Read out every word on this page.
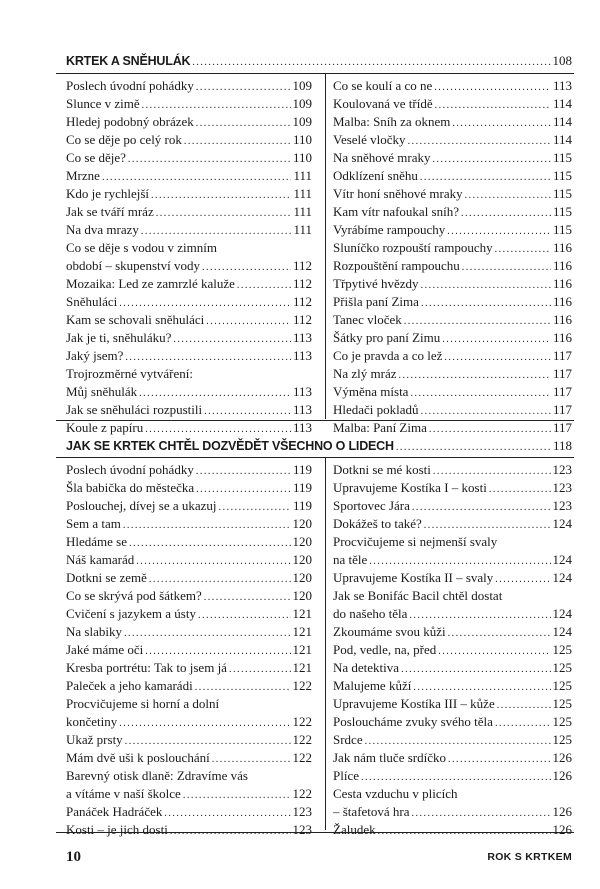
KRTEK A SNĚHULÁK . . .	108
Poslech úvodní pohádky . . .	109
Slunce v zimě . . .	109
Hledej podobný obrázek . . .	109
Co se děje po celý rok . . .	110
Co se děje? . . .	110
Mrzne . . .	111
Kdo je rychlejší . . .	111
Jak se tváří mráz . . .	111
Na dva mrazy . . .	111
Co se děje s vodou v zimním
období – skupenství vody . . .	112
Mozaika: Led ze zamrzlé kaluže . . .	112
Sněhuláci . . .	112
Kam se schovali sněhuláci . . .	112
Jak je ti, sněhuláku? . . .	113
Jaký jsem? . . .	113
Trojrozměrné vytváření:
Můj sněhulák . . .	113
Jak se sněhuláci rozpustili . . .	113
Koule z papíru . . .	113
Co se koulí a co ne . . .	113
Koulovaná ve třídě . . .	114
Malba: Sníh za oknem . . .	114
Veselé vločky . . .	114
Na sněhové mraky . . .	115
Odklízení sněhu . . .	115
Vítr honí sněhové mraky . . .	115
Kam vítr nafoukal sníh? . . .	115
Vyrábíme rampouchy . . .	115
Sluníčko rozpouští rampouchy . . .	116
Rozpouštění rampouchu . . .	116
Třpytivé hvězdy . . .	116
Přišla paní Zima . . .	116
Tanec vloček . . .	116
Šátky pro paní Zimu . . .	116
Co je pravda a co lež . . .	117
Na zlý mráz . . .	117
Výměna místa . . .	117
Hledači pokladů . . .	117
Malba: Paní Zima . . .	117
JAK SE KRTEK CHTĚL DOZVĚDĚT VŠECHNO O LIDECH . . .	118
Poslech úvodní pohádky . . .	119
Šla babička do městečka . . .	119
Poslouchej, dívej se a ukazuj . . .	119
Sem a tam . . .	120
Hledáme se . . .	120
Náš kamarád . . .	120
Dotkni se země . . .	120
Co se skrývá pod šátkem? . . .	120
Cvičení s jazykem a ústy . . .	121
Na slabiky . . .	121
Jaké máme oči . . .	121
Kresba portrétu: Tak to jsem já . . .	121
Paleček a jeho kamarádi . . .	122
Procvičujeme si horní a dolní
končetiny . . .	122
Ukaž prsty . . .	122
Mám dvě uši k poslouchání . . .	122
Barevný otisk dlaně: Zdravíme vás
a vítáme v naší školce . . .	122
Panáček Hadráček . . .	123
Kosti – je jich dosti . . .	123
Dotkni se mé kosti . . .	123
Upravujeme Kostíka I – kosti . . .	123
Sportovec Jára . . .	123
Dokážeš to také? . . .	124
Procvičujeme si nejmenší svaly
na těle . . .	124
Upravujeme Kostíka II – svaly . . .	124
Jak se Bonifác Bacil chtěl dostat
do našeho těla . . .	124
Zkoumáme svou kůži . . .	124
Pod, vedle, na, před . . .	125
Na detektiva . . .	125
Malujeme kůží . . .	125
Upravujeme Kostíka III – kůže . . .	125
Posloucháme zvuky svého těla . . .	125
Srdce . . .	125
Jak nám tluče srdíčko . . .	126
Plíce . . .	126
Cesta vzduchu v plicích
– štafetová hra . . .	126
Žaludek . . .	126
10	ROK S KRTKEM
